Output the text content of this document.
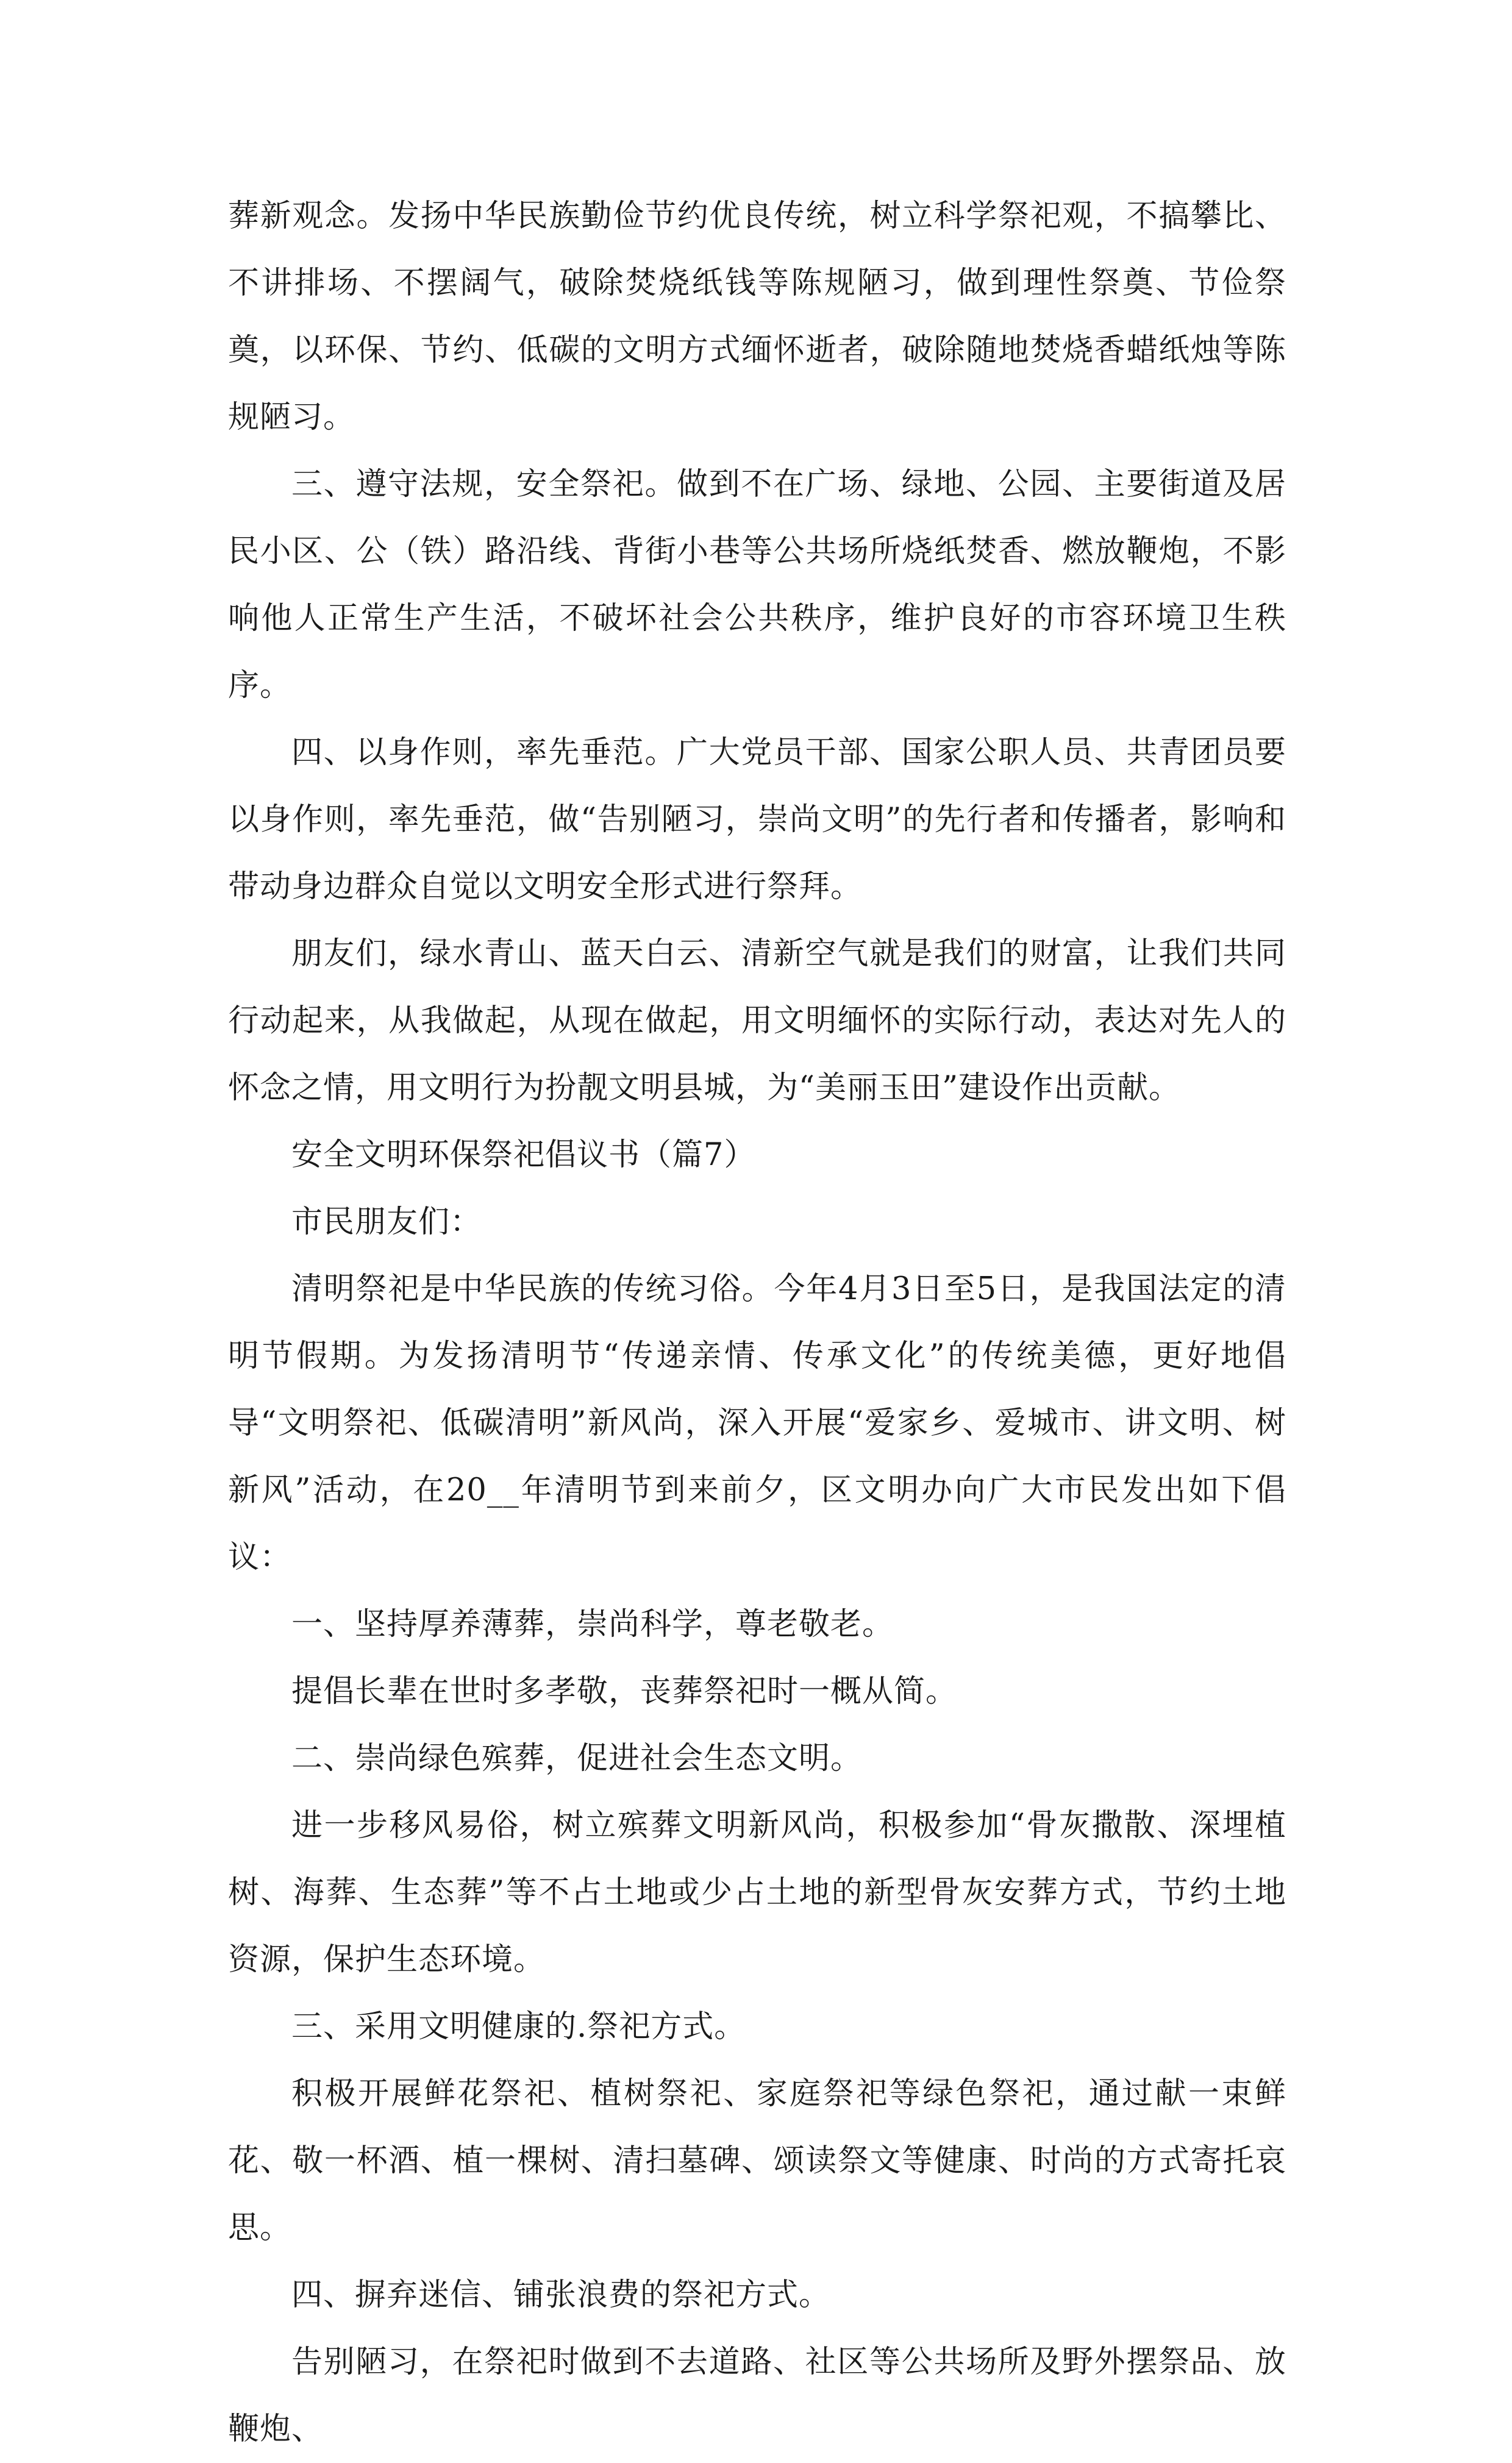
葬新观念。发扬中华民族勤俭节约优良传统，树立科学祭祀观，不搞攀比、不讲排场、不摆阔气，破除焚烧纸钱等陈规陋习，做到理性祭奠、节俭祭奠，以环保、节约、低碳的文明方式缅怀逝者，破除随地焚烧香蜡纸烛等陈规陋习。

三、遵守法规，安全祭祀。做到不在广场、绿地、公园、主要街道及居民小区、公（铁）路沿线、背街小巷等公共场所烧纸焚香、燃放鞭炮，不影响他人正常生产生活，不破坏社会公共秩序，维护良好的市容环境卫生秩序。

四、以身作则，率先垂范。广大党员干部、国家公职人员、共青团员要以身作则，率先垂范，做“告别陋习，崇尚文明”的先行者和传播者，影响和带动身边群众自觉以文明安全形式进行祭拜。

朋友们，绿水青山、蓝天白云、清新空气就是我们的财富，让我们共同行动起来，从我做起，从现在做起，用文明缅怀的实际行动，表达对先人的怀念之情，用文明行为扮靓文明县城，为“美丽玉田”建设作出贡献。

安全文明环保祭祀倡议书（篇7）

市民朋友们：

清明祭祀是中华民族的传统习俗。今年4月3日至5日，是我国法定的清明节假期。为发扬清明节“传递亲情、传承文化”的传统美德，更好地倡导“文明祭祀、低碳清明”新风尚，深入开展“爱家乡、爱城市、讲文明、树新风”活动，在20__年清明节到来前夕，区文明办向广大市民发出如下倡议：

一、坚持厚养薄葬，崇尚科学，尊老敬老。

提倡长辈在世时多孝敬，丧葬祭祀时一概从简。

二、崇尚绿色殡葬，促进社会生态文明。

进一步移风易俗，树立殡葬文明新风尚，积极参加“骨灰撒散、深埋植树、海葬、生态葬”等不占土地或少占土地的新型骨灰安葬方式，节约土地资源，保护生态环境。

三、采用文明健康的.祭祀方式。

积极开展鲜花祭祀、植树祭祀、家庭祭祀等绿色祭祀，通过献一束鲜花、敬一杯酒、植一棵树、清扫墓碑、颂读祭文等健康、时尚的方式寄托哀思。

四、摒弃迷信、铺张浪费的祭祀方式。

告别陋习，在祭祀时做到不去道路、社区等公共场所及野外摆祭品、放鞭炮、
